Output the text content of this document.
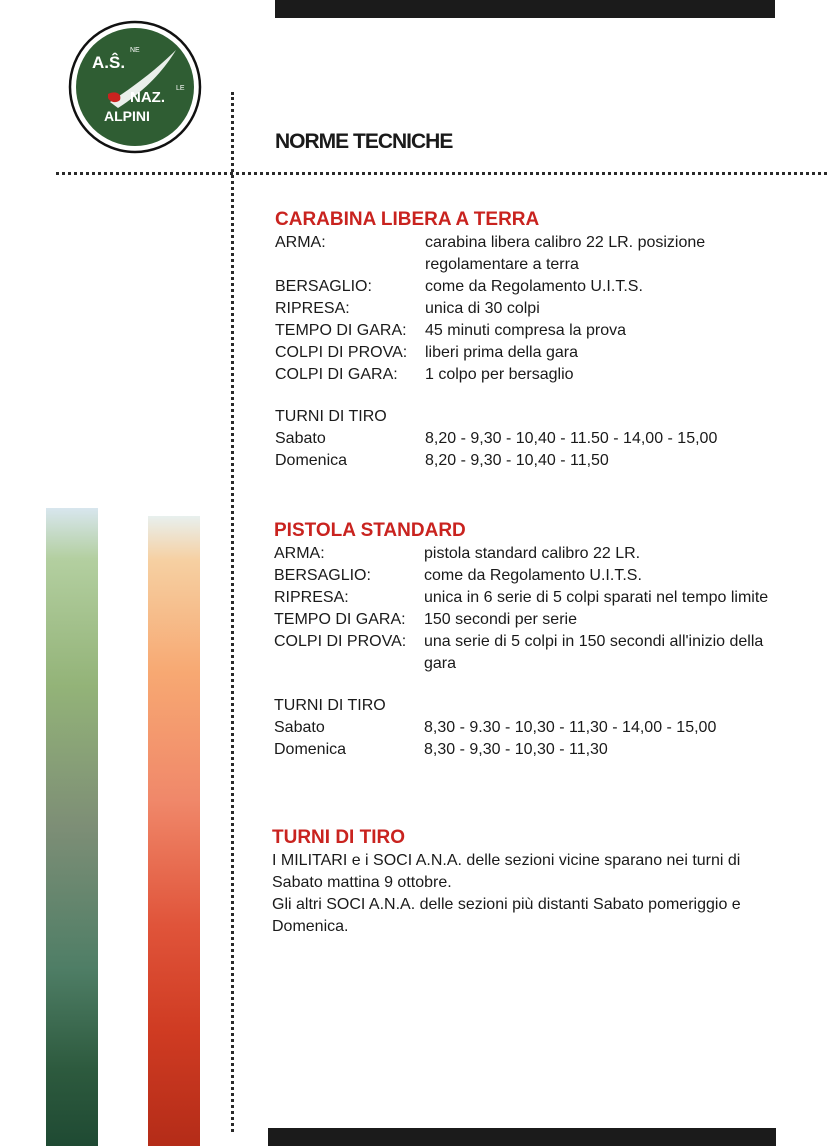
A.Ŝ.
NE
NAZ.
LE
ALPINI
NORME TECNICHE
CARABINA LIBERA A TERRA
ARMA:	carabina libera calibro 22 LR. posizione regolamentare a terra
BERSAGLIO:	come da Regolamento U.I.T.S.
RIPRESA:	unica di 30 colpi
TEMPO DI GARA:	45 minuti compresa la prova
COLPI DI PROVA:	liberi prima della gara
COLPI DI GARA:	1 colpo per bersaglio
TURNI DI TIRO
Sabato	8,20 - 9,30 - 10,40 - 11.50 - 14,00 - 15,00
Domenica	8,20 - 9,30 - 10,40 - 11,50
PISTOLA STANDARD
ARMA:	pistola standard calibro 22 LR.
BERSAGLIO:	come da Regolamento U.I.T.S.
RIPRESA:	unica in 6 serie di 5 colpi sparati nel tempo limite
TEMPO DI GARA:	150 secondi per serie
COLPI DI PROVA:	una serie di 5 colpi in 150 secondi all'inizio della gara
TURNI DI TIRO
Sabato	8,30 - 9.30 - 10,30 - 11,30 - 14,00 - 15,00
Domenica	8,30 - 9,30 - 10,30 - 11,30
TURNI DI TIRO
I MILITARI e i SOCI A.N.A. delle sezioni vicine sparano nei turni di Sabato mattina 9 ottobre.
Gli altri SOCI A.N.A. delle sezioni più distanti Sabato pomeriggio e Domenica.
